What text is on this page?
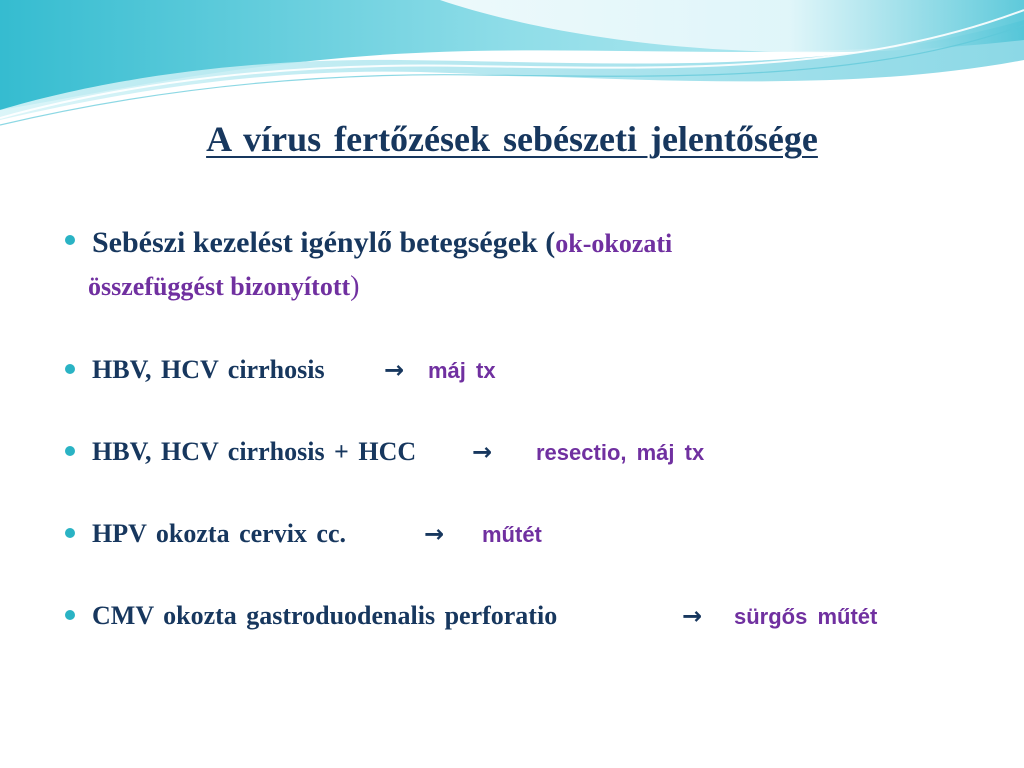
A vírus fertőzések sebészeti jelentősége
Sebészi kezelést igénylő betegségek (ok-okozati
összefüggést bizonyított)
HBV, HCV cirrhosis → máj tx
HBV, HCV cirrhosis + HCC → resectio, máj tx
HPV okozta cervix cc.	→ műtét
CMV okozta gastroduodenalis perforatio	→ sürgős műtét
